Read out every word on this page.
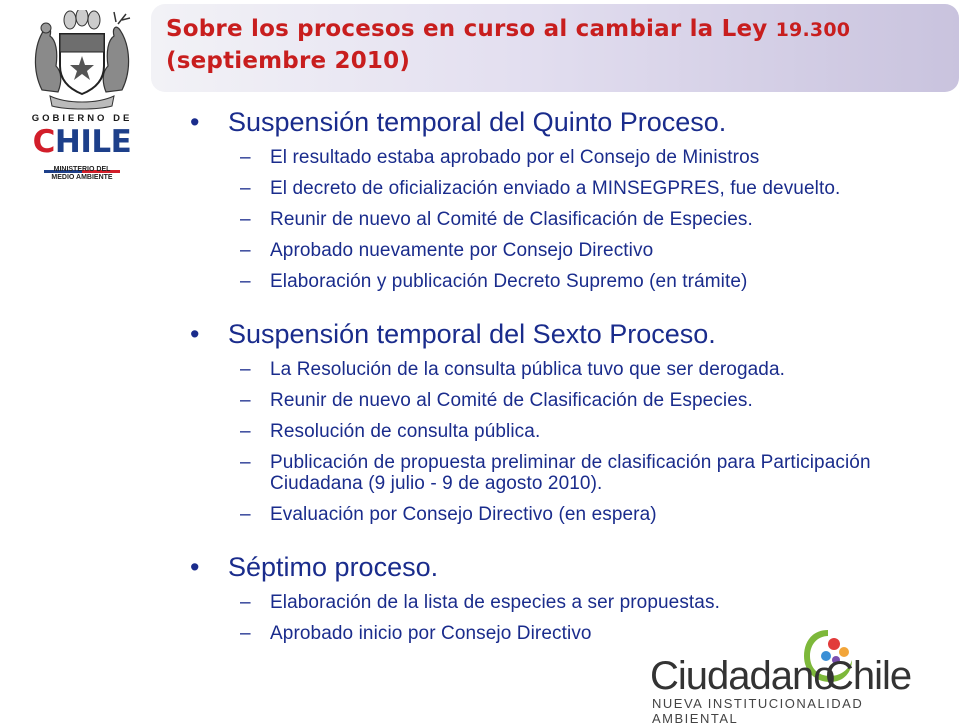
GOBIERNO DE
CHILE
MINISTERIO DEL
MEDIO AMBIENTE
Sobre los procesos en curso al cambiar la Ley 19.300
(septiembre 2010)
• Suspensión temporal del Quinto Proceso.
– El resultado estaba aprobado por el Consejo de Ministros
– El decreto de oficialización enviado a MINSEGPRES, fue devuelto.
– Reunir de nuevo al Comité de Clasificación de Especies.
– Aprobado nuevamente por Consejo Directivo
– Elaboración y publicación Decreto Supremo (en trámite)
• Suspensión temporal del Sexto Proceso.
– La Resolución de la consulta pública tuvo que ser derogada.
– Reunir de nuevo al Comité de Clasificación de Especies.
– Resolución de consulta pública.
– Publicación de propuesta preliminar de clasificación para Participación Ciudadana (9 julio - 9 de agosto 2010).
– Evaluación por Consejo Directivo (en espera)
• Séptimo proceso.
– Elaboración de la lista de especies a ser propuestas.
– Aprobado inicio por Consejo Directivo
Ciudadano
Chile
NUEVA INSTITUCIONALIDAD AMBIENTAL
